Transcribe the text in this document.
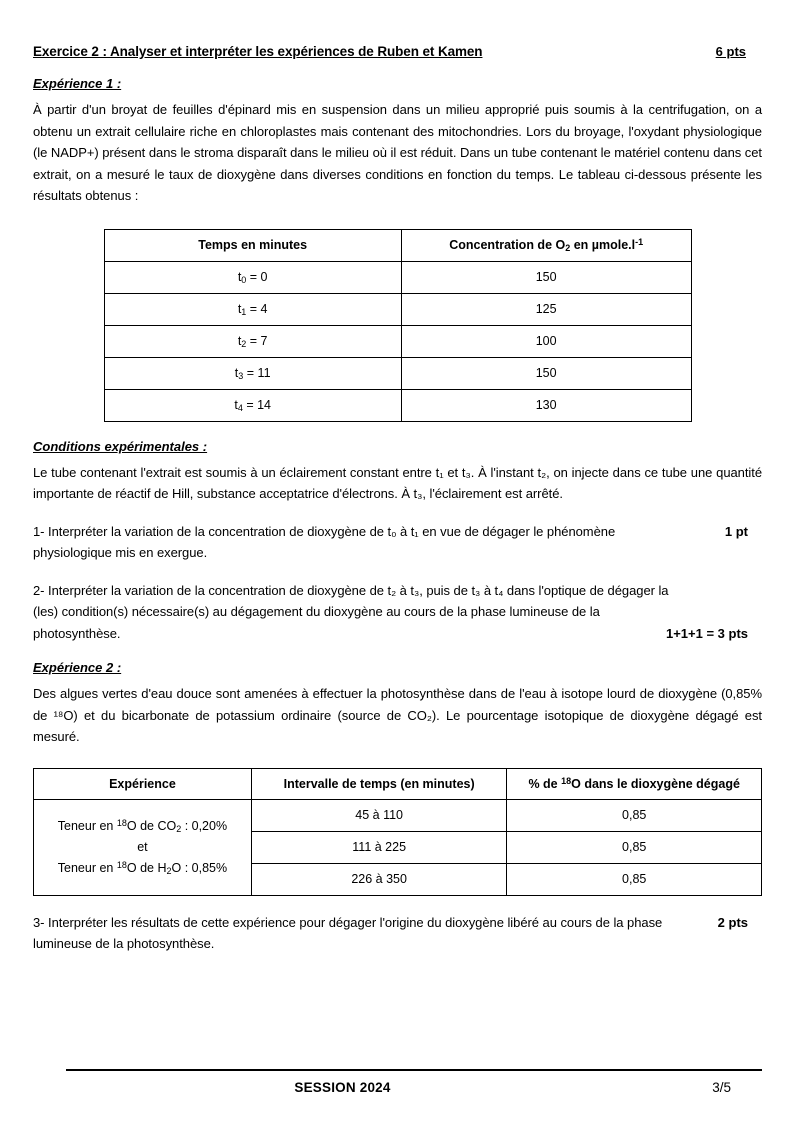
Exercice 2 : Analyser et interpréter les expériences de Ruben et Kamen	6 pts
Expérience 1 :

À partir d'un broyat de feuilles d'épinard mis en suspension dans un milieu approprié puis soumis à la centrifugation, on a obtenu un extrait cellulaire riche en chloroplastes mais contenant des mitochondries. Lors du broyage, l'oxydant physiologique (le NADP+) présent dans le stroma disparaît dans le milieu où il est réduit. Dans un tube contenant le matériel contenu dans cet extrait, on a mesuré le taux de dioxygène dans diverses conditions en fonction du temps. Le tableau ci-dessous présente les résultats obtenus :

Temps en minutes	Concentration de $O_2$ en $\mu mole.l^{-1}$
$t_0 = 0$	150
$t_1 = 4$	125
$t_2 = 7$	100
$t_3 = 11$	150
$t_4 = 14$	130
Conditions expérimentales :

Le tube contenant l'extrait est soumis à un éclairement constant entre t₁ et t₃. À l'instant t₂, on injecte dans ce tube une quantité importante de réactif de Hill, substance acceptatrice d'électrons. À t₃, l'éclairement est arrêté.

1- Interpréter la variation de la concentration de dioxygène de t₀ à t₁ en vue de dégager le phénomène physiologique mis en exergue.
1 pt
2- Interpréter la variation de la concentration de dioxygène de t₂ à t₃, puis de t₃ à t₄ dans l'optique de dégager la (les) condition(s) nécessaire(s) au dégagement du dioxygène au cours de la phase lumineuse de la photosynthèse.	1+1+1 = 3 pts
Expérience 2 :

Des algues vertes d'eau douce sont amenées à effectuer la photosynthèse dans de l'eau à isotope lourd de dioxygène (0,85% de ¹⁸O) et du bicarbonate de potassium ordinaire (source de CO₂). Le pourcentage isotopique de dioxygène dégagé est mesuré.

Expérience	Intervalle de temps (en minutes)	% de $^{18}$O dans le dioxygène dégagé
Teneur en $^{18}$O de $CO_2$ : 0,20%
et
Teneur en $^{18}$O de $H_2O$ : 0,85%	45 à 110	0,85
	111 à 225	0,85
	226 à 350	0,85
3- Interpréter les résultats de cette expérience pour dégager l'origine du dioxygène libéré au cours de la phase lumineuse de la photosynthèse.
2 pts
SESSION 2024	3/5
